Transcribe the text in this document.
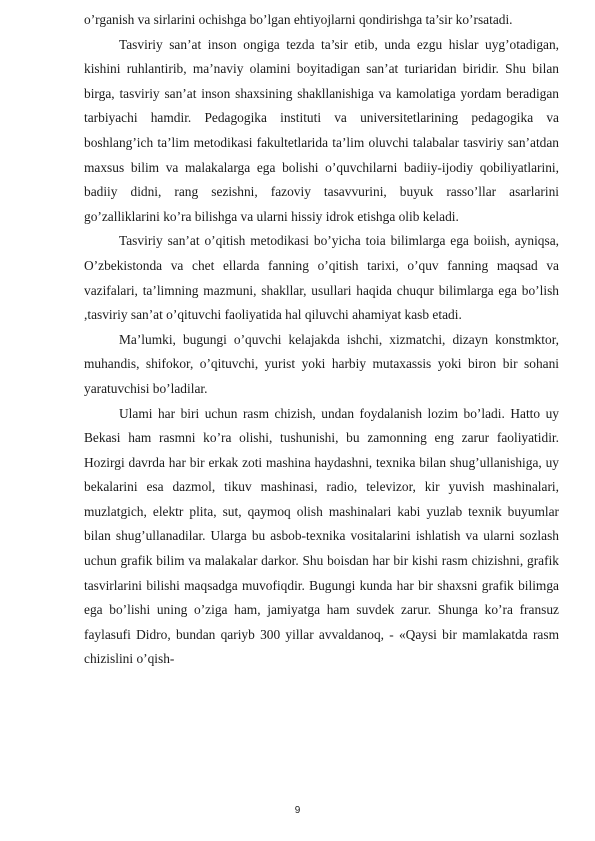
o’rganish va sirlarini ochishga bo’lgan ehtiyojlarni qondirishga ta’sir ko’rsatadi.

Tasviriy san’at inson ongiga tezda ta’sir etib, unda ezgu hislar uyg’otadigan, kishini ruhlantirib, ma’naviy olamini boyitadigan san’at turiaridan biridir. Shu bilan birga, tasviriy san’at inson shaxsining shakllanishiga va kamolatiga yordam beradigan tarbiyachi hamdir. Pedagogika instituti va universitetlarining pedagogika va boshlang’ich ta’lim metodikasi fakultetlarida ta’lim oluvchi talabalar tasviriy san’atdan maxsus bilim va malakalarga ega bolishi o’quvchilarni badiiy-ijodiy qobiliyatlarini, badiiy didni, rang sezishni, fazoviy tasavvurini, buyuk rasso’llar asarlarini go’zalliklarini ko’ra bilishga va ularni hissiy idrok etishga olib keladi.

Tasviriy san’at o’qitish metodikasi bo’yicha toia bilimlarga ega boiish, ayniqsa, O’zbekistonda va chet ellarda fanning o’qitish tarixi, o’quv fanning maqsad va vazifalari, ta’limning mazmuni, shakllar, usullari haqida chuqur bilimlarga ega bo’lish ,tasviriy san’at o’qituvchi faoliyatida hal qiluvchi ahamiyat kasb etadi.

Ma’lumki, bugungi o’quvchi kelajakda ishchi, xizmatchi, dizayn konstmktor, muhandis, shifokor, o’qituvchi, yurist yoki harbiy mutaxassis yoki biron bir sohani yaratuvchisi bo’ladilar.

Ulami har biri uchun rasm chizish, undan foydalanish lozim bo’ladi. Hatto uy Bekasi ham rasmni ko’ra olishi, tushunishi, bu zamonning eng zarur faoliyatidir. Hozirgi davrda har bir erkak zoti mashina haydashni, texnika bilan shug’ullanishiga, uy bekalarini esa dazmol, tikuv mashinasi, radio, televizor, kir yuvish mashinalari, muzlatgich, elektr plita, sut, qaymoq olish mashinalari kabi yuzlab texnik buyumlar bilan shug’ullanadilar. Ularga bu asbob-texnika vositalarini ishlatish va ularni sozlash uchun grafik bilim va malakalar darkor. Shu boisdan har bir kishi rasm chizishni, grafik tasvirlarini bilishi maqsadga muvofiqdir. Bugungi kunda har bir shaxsni grafik bilimga ega bo’lishi uning o’ziga ham, jamiyatga ham suvdek zarur. Shunga ko’ra fransuz faylasufi Didro, bundan qariyb 300 yillar avvaldanoq, - «Qaysi bir mamlakatda rasm chizislini o’qish-

9
